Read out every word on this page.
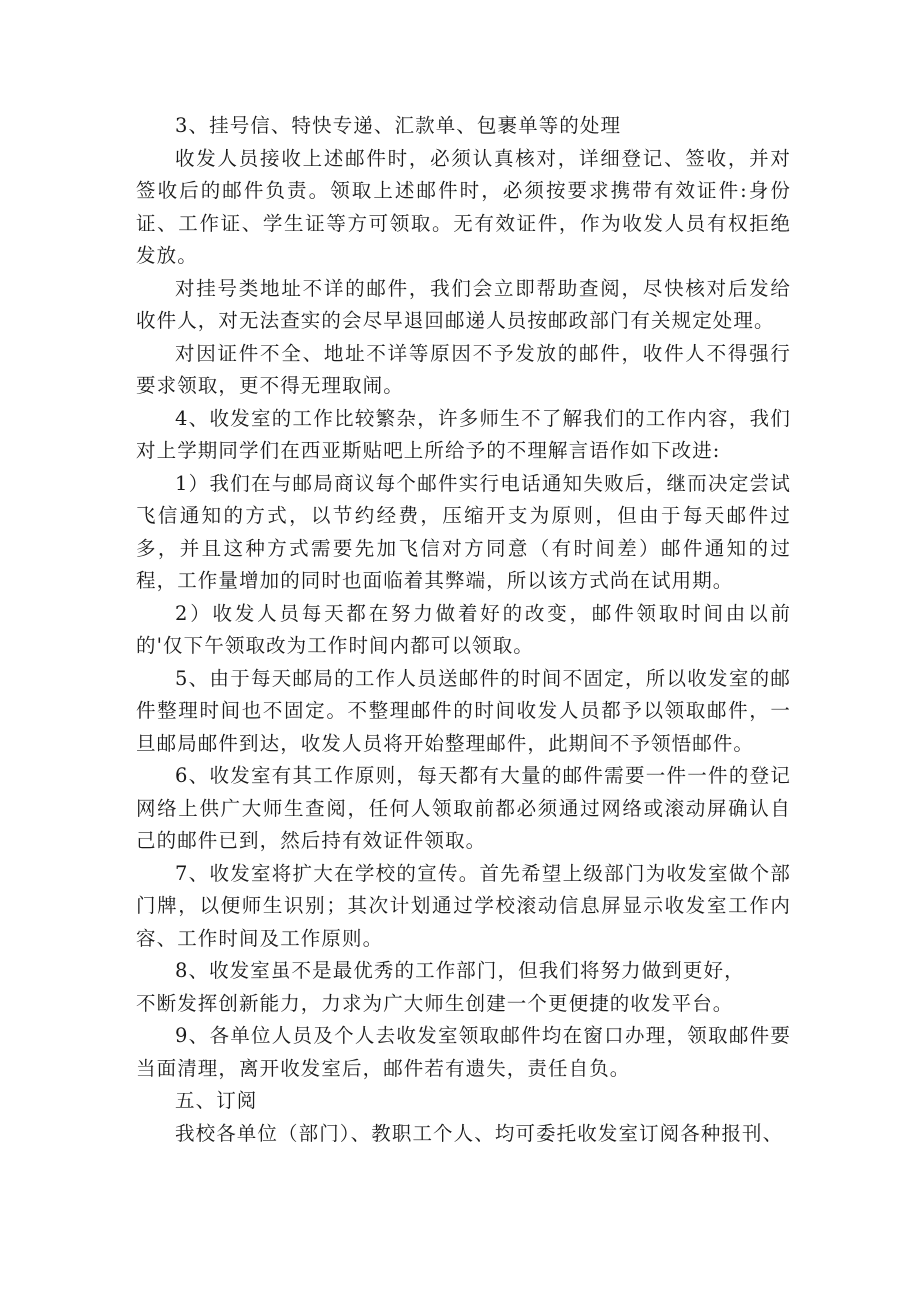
3、挂号信、特快专递、汇款单、包裹单等的处理

收发人员接收上述邮件时，必须认真核对，详细登记、签收，并对签收后的邮件负责。领取上述邮件时，必须按要求携带有效证件:身份证、工作证、学生证等方可领取。无有效证件，作为收发人员有权拒绝发放。

对挂号类地址不详的邮件，我们会立即帮助查阅，尽快核对后发给收件人，对无法查实的会尽早退回邮递人员按邮政部门有关规定处理。

对因证件不全、地址不详等原因不予发放的邮件，收件人不得强行要求领取，更不得无理取闹。

4、收发室的工作比较繁杂，许多师生不了解我们的工作内容，我们对上学期同学们在西亚斯贴吧上所给予的不理解言语作如下改进:

1）我们在与邮局商议每个邮件实行电话通知失败后，继而决定尝试飞信通知的方式，以节约经费，压缩开支为原则，但由于每天邮件过多，并且这种方式需要先加飞信对方同意（有时间差）邮件通知的过程，工作量增加的同时也面临着其弊端，所以该方式尚在试用期。

2）收发人员每天都在努力做着好的改变，邮件领取时间由以前的'仅下午领取改为工作时间内都可以领取。

5、由于每天邮局的工作人员送邮件的时间不固定，所以收发室的邮件整理时间也不固定。不整理邮件的时间收发人员都予以领取邮件，一旦邮局邮件到达，收发人员将开始整理邮件，此期间不予领悟邮件。

6、收发室有其工作原则，每天都有大量的邮件需要一件一件的登记网络上供广大师生查阅，任何人领取前都必须通过网络或滚动屏确认自己的邮件已到，然后持有效证件领取。

7、收发室将扩大在学校的宣传。首先希望上级部门为收发室做个部门牌，以便师生识别；其次计划通过学校滚动信息屏显示收发室工作内容、工作时间及工作原则。

8、收发室虽不是最优秀的工作部门，但我们将努力做到更好，

不断发挥创新能力，力求为广大师生创建一个更便捷的收发平台。

9、各单位人员及个人去收发室领取邮件均在窗口办理，领取邮件要当面清理，离开收发室后，邮件若有遗失，责任自负。

五、订阅

我校各单位（部门）、教职工个人、均可委托收发室订阅各种报刊、
